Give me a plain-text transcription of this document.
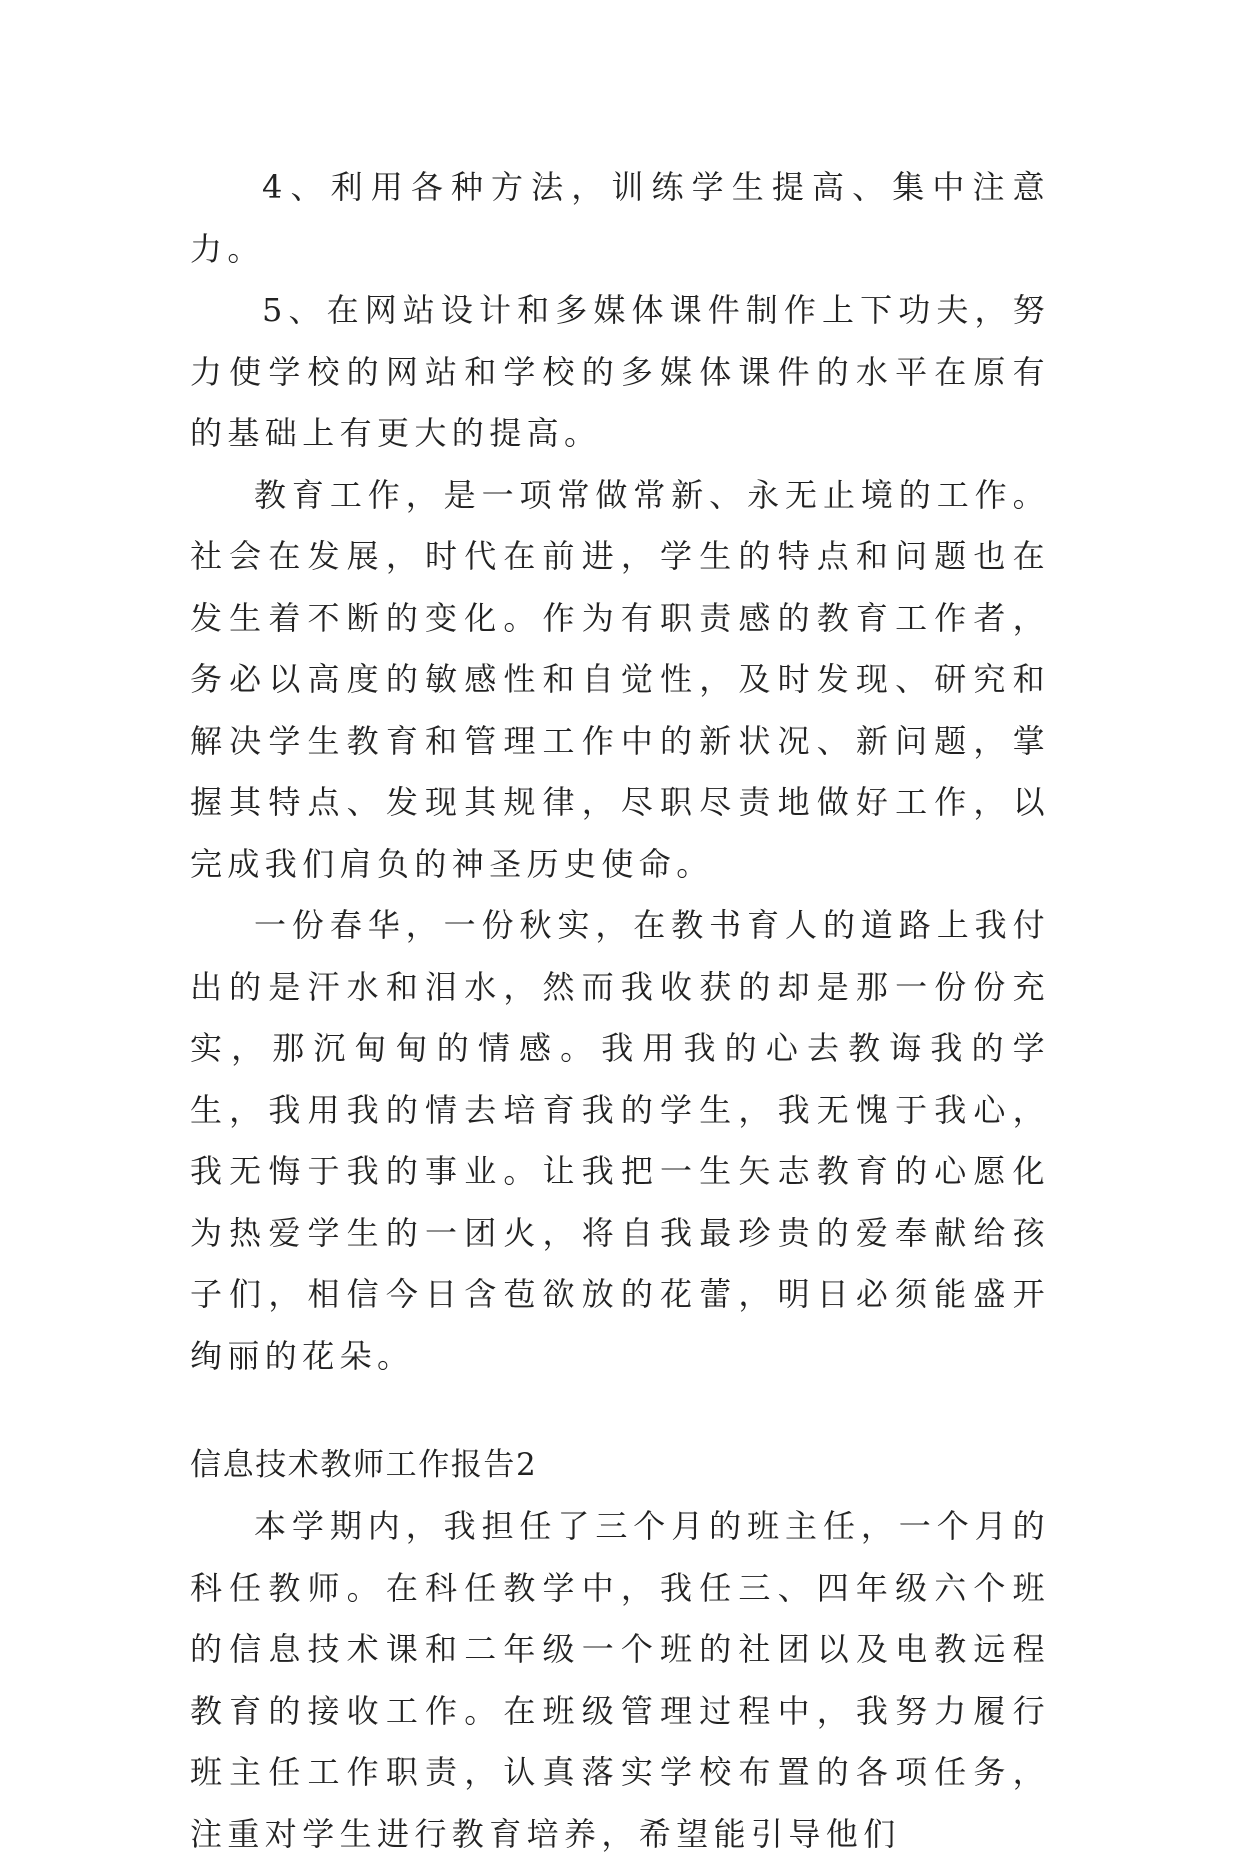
4、利用各种方法，训练学生提高、集中注意力。

5、在网站设计和多媒体课件制作上下功夫，努力使学校的网站和学校的多媒体课件的水平在原有的基础上有更大的提高。

教育工作，是一项常做常新、永无止境的工作。社会在发展，时代在前进，学生的特点和问题也在发生着不断的变化。作为有职责感的教育工作者，务必以高度的敏感性和自觉性，及时发现、研究和解决学生教育和管理工作中的新状况、新问题，掌握其特点、发现其规律，尽职尽责地做好工作，以完成我们肩负的神圣历史使命。

一份春华，一份秋实，在教书育人的道路上我付出的是汗水和泪水，然而我收获的却是那一份份充实，那沉甸甸的情感。我用我的心去教诲我的学生，我用我的情去培育我的学生，我无愧于我心，我无悔于我的事业。让我把一生矢志教育的心愿化为热爱学生的一团火，将自我最珍贵的爱奉献给孩子们，相信今日含苞欲放的花蕾，明日必须能盛开绚丽的花朵。

信息技术教师工作报告2

本学期内，我担任了三个月的班主任，一个月的科任教师。在科任教学中，我任三、四年级六个班的信息技术课和二年级一个班的社团以及电教远程教育的接收工作。在班级管理过程中，我努力履行班主任工作职责，认真落实学校布置的各项任务，注重对学生进行教育培养，希望能引导他们
